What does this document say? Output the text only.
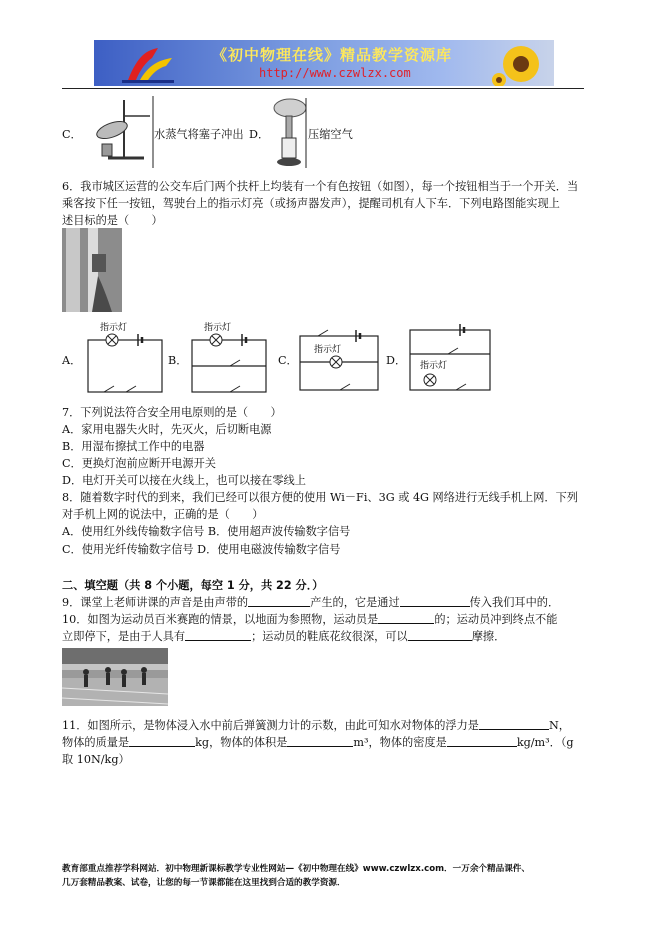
《初中物理在线》精品教学资源库
http://www.czwlzx.com
C．	水蒸气将塞子冲出 D．	压缩空气
6．我市城区运营的公交车后门两个扶杆上均装有一个有色按钮（如图），每一个按钮相当于一个开关．当
乘客按下任一按钮，驾驶台上的指示灯亮（或扬声器发声），提醒司机有人下车．下列电路图能实现上
述目标的是（　　）
A．
指示灯
B．
指示灯
C．
指示灯
D． 指示灯
7．下列说法符合安全用电原则的是（　　）
A．家用电器失火时，先灭火，后切断电源
B．用湿布擦拭工作中的电器
C．更换灯泡前应断开电源开关
D．电灯开关可以接在火线上，也可以接在零线上
8．随着数字时代的到来，我们已经可以很方便的使用 Wi－Fi、3G 或 4G 网络进行无线手机上网．下列
对手机上网的说法中，正确的是（　　）
A．使用红外线传输数字信号 B．使用超声波传输数字信号
C．使用光纤传输数字信号 D．使用电磁波传输数字信号
二、填空题（共 8 个小题，每空 1 分，共 22 分．）
9．课堂上老师讲课的声音是由声带的	产生的，它是通过	传入我们耳中的．
10．如图为运动员百米赛跑的情景，以地面为参照物，运动员是	的；运动员冲到终点不能
立即停下，是由于人具有	；运动员的鞋底花纹很深，可以	摩擦．
11．如图所示，是物体浸入水中前后弹簧测力计的示数，由此可知水对物体的浮力是	N，
物体的质量是	kg，物体的体积是	m³，物体的密度是	kg/m³．（g
取 10N/kg）
教育部重点推荐学科网站．初中物理新课标教学专业性网站—《初中物理在线》www.czwlzx.com．一万余个精品课件、
几万套精品教案、试卷，让您的每一节课都能在这里找到合适的教学资源．
